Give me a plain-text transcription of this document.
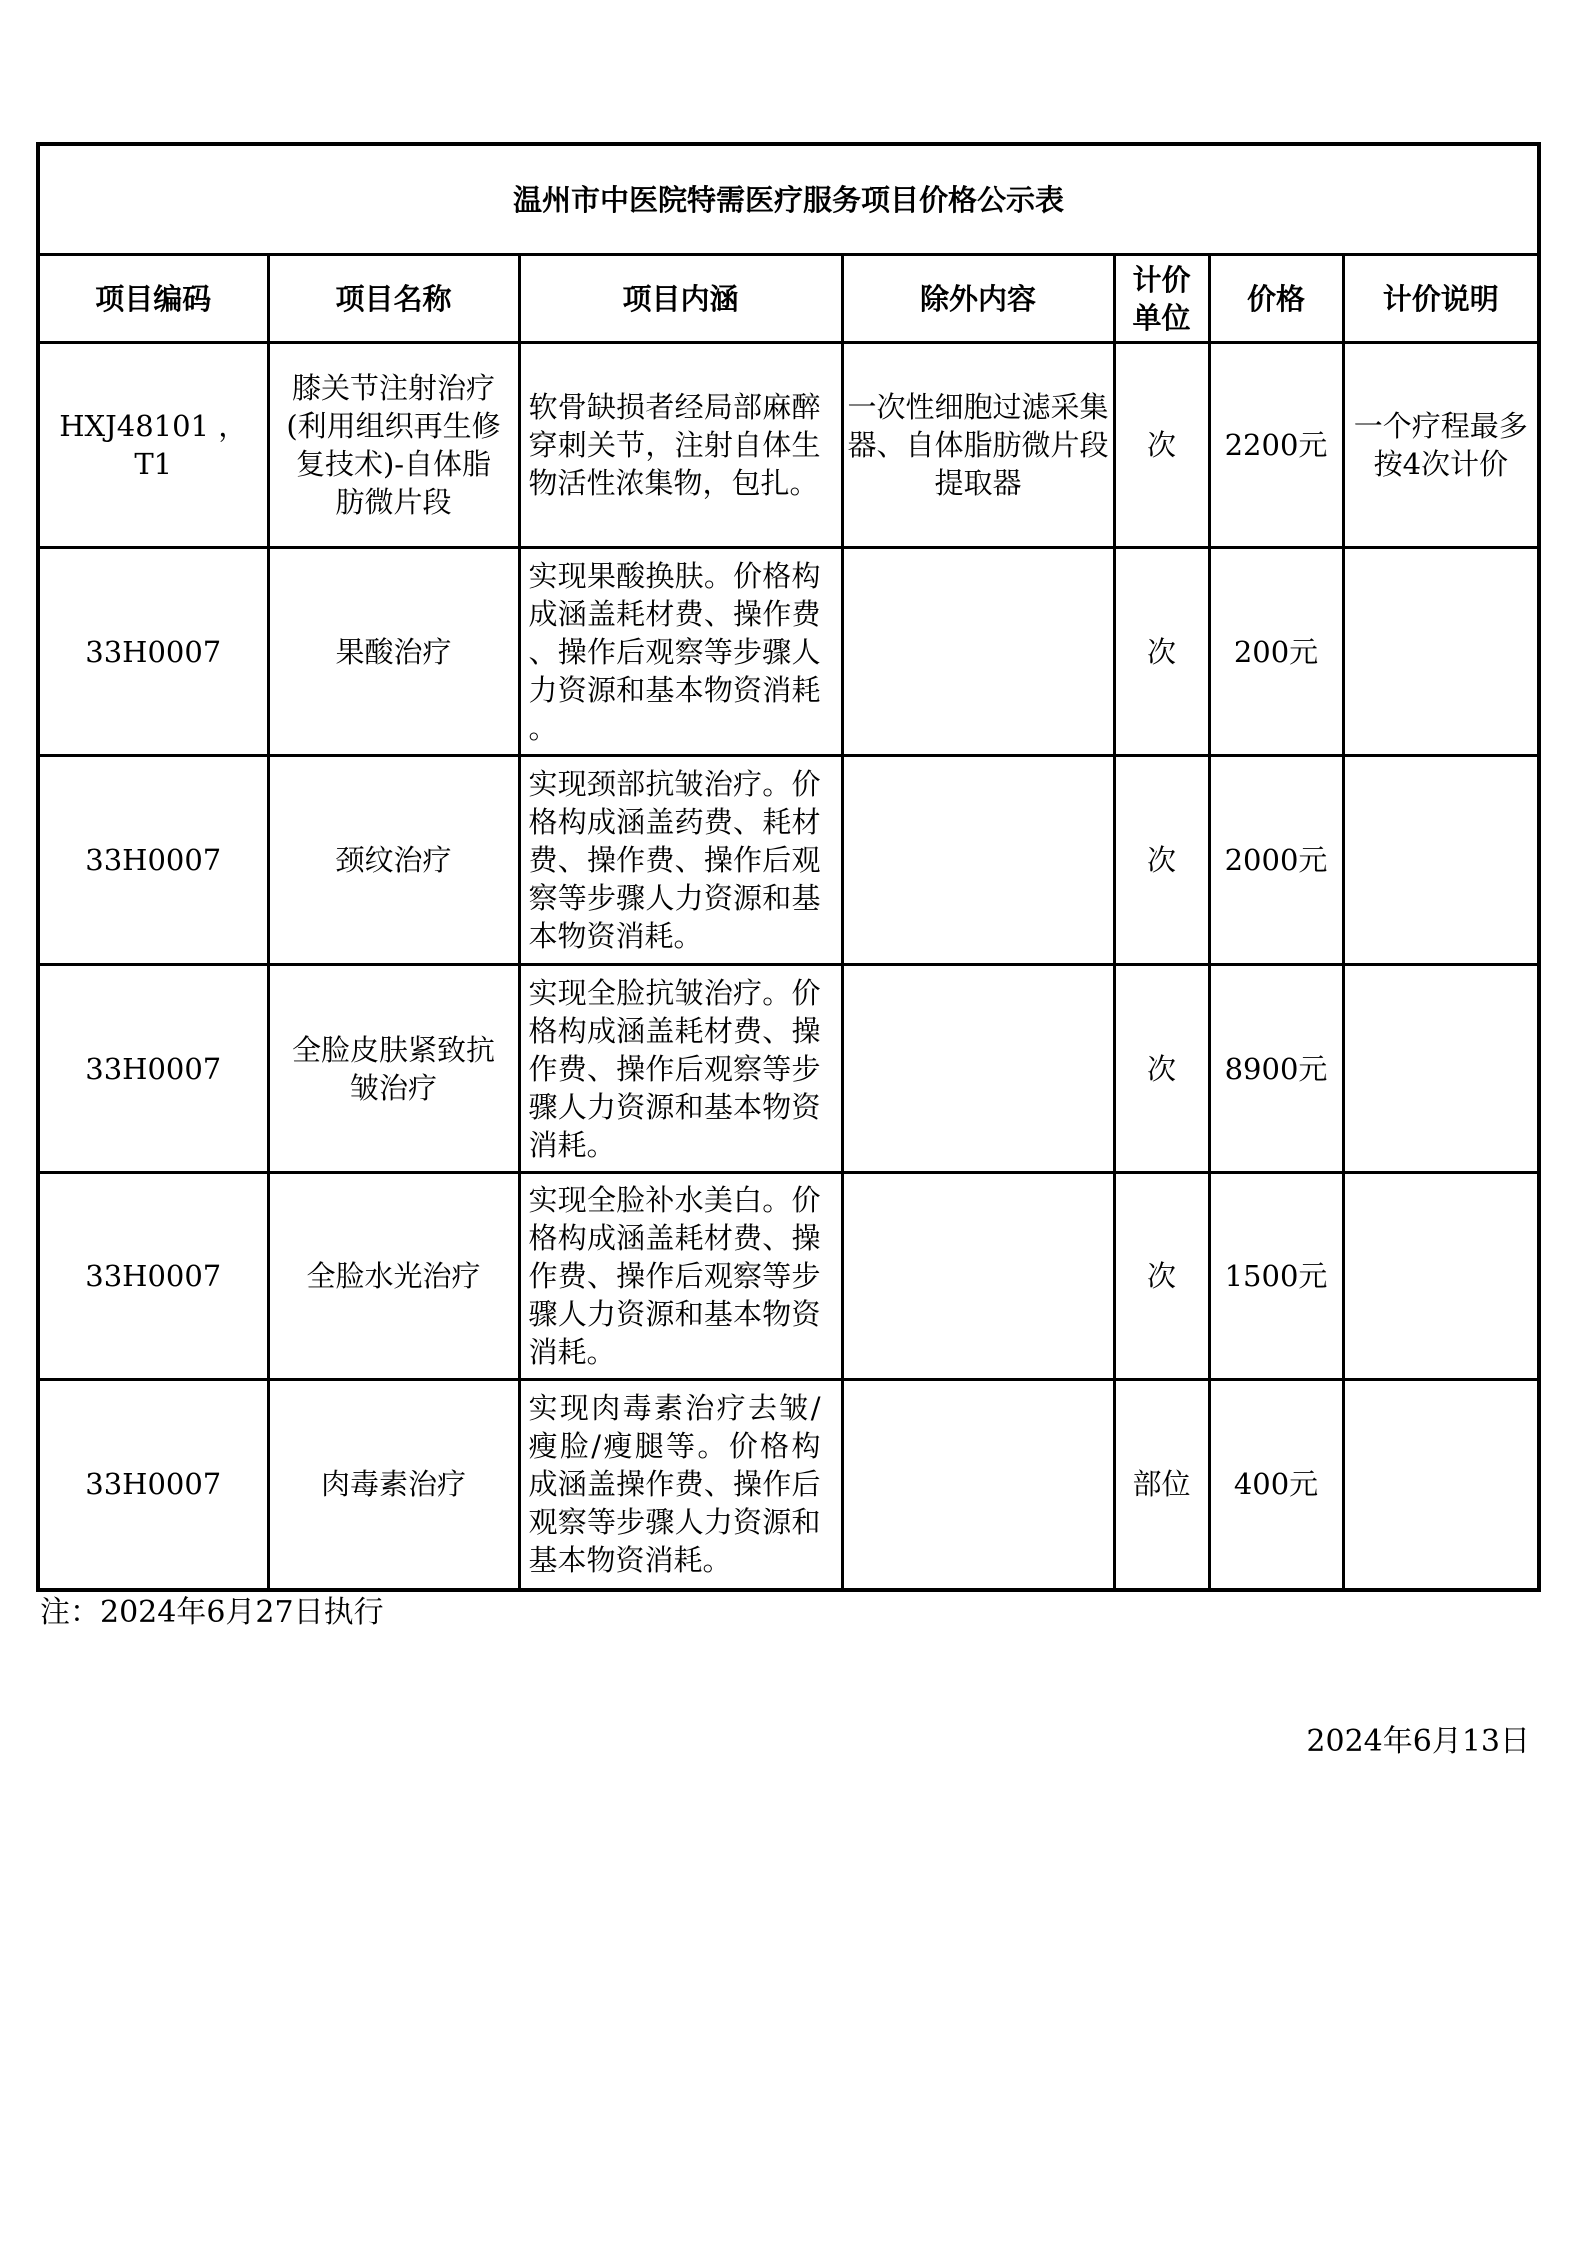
温州市中医院特需医疗服务项目价格公示表						
项目编码	项目名称	项目内涵	除外内容	计价单位	价格	计价说明
HXJ48101 ，T1	膝关节注射治疗(利用组织再生修复技术)-自体脂肪微片段	软骨缺损者经局部麻醉穿刺关节，注射自体生物活性浓集物，包扎。	一次性细胞过滤采集器、自体脂肪微片段提取器	次	2200元	一个疗程最多按4次计价
33H0007	果酸治疗	实现果酸换肤。价格构成涵盖耗材费、操作费、操作后观察等步骤人力资源和基本物资消耗。		次	200元	
33H0007	颈纹治疗	实现颈部抗皱治疗。价格构成涵盖药费、耗材费、操作费、操作后观察等步骤人力资源和基本物资消耗。		次	2000元	
33H0007	全脸皮肤紧致抗皱治疗	实现全脸抗皱治疗。价格构成涵盖耗材费、操作费、操作后观察等步骤人力资源和基本物资消耗。		次	8900元	
33H0007	全脸水光治疗	实现全脸补水美白。价格构成涵盖耗材费、操作费、操作后观察等步骤人力资源和基本物资消耗。		次	1500元	
33H0007	肉毒素治疗	实现肉毒素治疗去皱/瘦脸/瘦腿等。价格构成涵盖操作费、操作后观察等步骤人力资源和基本物资消耗。		部位	400元	
注：2024年6月27日执行
2024年6月13日
